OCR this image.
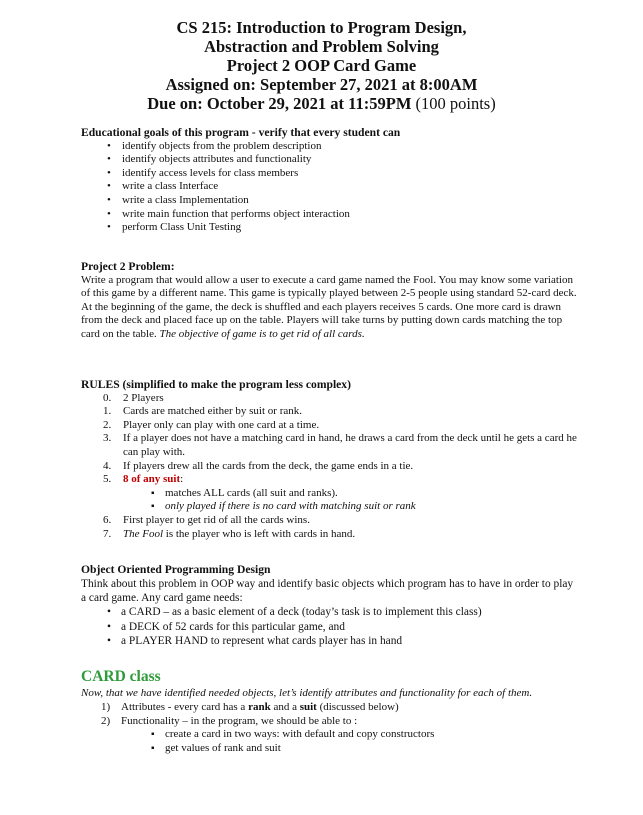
CS 215: Introduction to Program Design,
Abstraction and Problem Solving
Project 2 OOP Card Game
Assigned on: September 27, 2021 at 8:00AM
Due on: October 29, 2021 at 11:59PM (100 points)
Educational goals of this program - verify that every student can
• identify objects from the problem description
• identify objects attributes and functionality
• identify access levels for class members
• write a class Interface
• write a class Implementation
• write main function that performs object interaction
• perform Class Unit Testing
Project 2 Problem:
Write a program that would allow a user to execute a card game named the Fool. You may know some variation of this game by a different name. This game is typically played between 2-5 people using standard 52-card deck. At the beginning of the game, the deck is shuffled and each players receives 5 cards. One more card is drawn from the deck and placed face up on the table. Players will take turns by putting down cards matching the top card on the table. The objective of game is to get rid of all cards.
RULES (simplified to make the program less complex)
0. 2 Players
1. Cards are matched either by suit or rank.
2. Player only can play with one card at a time.
3. If a player does not have a matching card in hand, he draws a card from the deck until he gets a card he can play with.
4. If players drew all the cards from the deck, the game ends in a tie.
5. 8 of any suit:
▪ matches ALL cards (all suit and ranks).
▪ only played if there is no card with matching suit or rank
6. First player to get rid of all the cards wins.
7. The Fool is the player who is left with cards in hand.
Object Oriented Programming Design
Think about this problem in OOP way and identify basic objects which program has to have in order to play a card game. Any card game needs:
• a CARD – as a basic element of a deck (today’s task is to implement this class)
• a DECK of 52 cards for this particular game, and
• a PLAYER HAND to represent what cards player has in hand
CARD class
Now, that we have identified needed objects, let’s identify attributes and functionality for each of them.
1) Attributes - every card has a rank and a suit (discussed below)
2) Functionality – in the program, we should be able to :
▪ create a card in two ways: with default and copy constructors
▪ get values of rank and suit
